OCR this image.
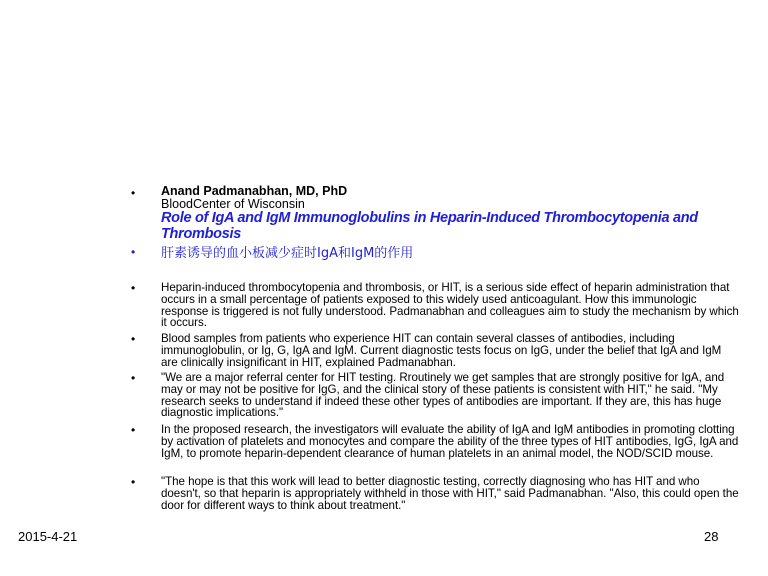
• Anand Padmanabhan, MD, PhD
BloodCenter of Wisconsin
Role of IgA and IgM Immunoglobulins in Heparin-Induced Thrombocytopenia and Thrombosis
• 肝素诱导的血小板减少症时IgA和IgM的作用
• Heparin-induced thrombocytopenia and thrombosis, or HIT, is a serious side effect of heparin administration that occurs in a small percentage of patients exposed to this widely used anticoagulant. How this immunologic response is triggered is not fully understood. Padmanabhan and colleagues aim to study the mechanism by which it occurs.
• Blood samples from patients who experience HIT can contain several classes of antibodies, including immunoglobulin, or Ig, G, IgA and IgM. Current diagnostic tests focus on IgG, under the belief that IgA and IgM are clinically insignificant in HIT, explained Padmanabhan.
• "We are a major referral center for HIT testing. Rroutinely we get samples that are strongly positive for IgA, and may or may not be positive for IgG, and the clinical story of these patients is consistent with HIT," he said. "My research seeks to understand if indeed these other types of antibodies are important. If they are, this has huge diagnostic implications."
• In the proposed research, the investigators will evaluate the ability of IgA and IgM antibodies in promoting clotting by activation of platelets and monocytes and compare the ability of the three types of HIT antibodies, IgG, IgA and IgM, to promote heparin-dependent clearance of human platelets in an animal model, the NOD/SCID mouse.
• "The hope is that this work will lead to better diagnostic testing, correctly diagnosing who has HIT and who doesn't, so that heparin is appropriately withheld in those with HIT," said Padmanabhan. "Also, this could open the door for different ways to think about treatment."
2015-4-21	28
